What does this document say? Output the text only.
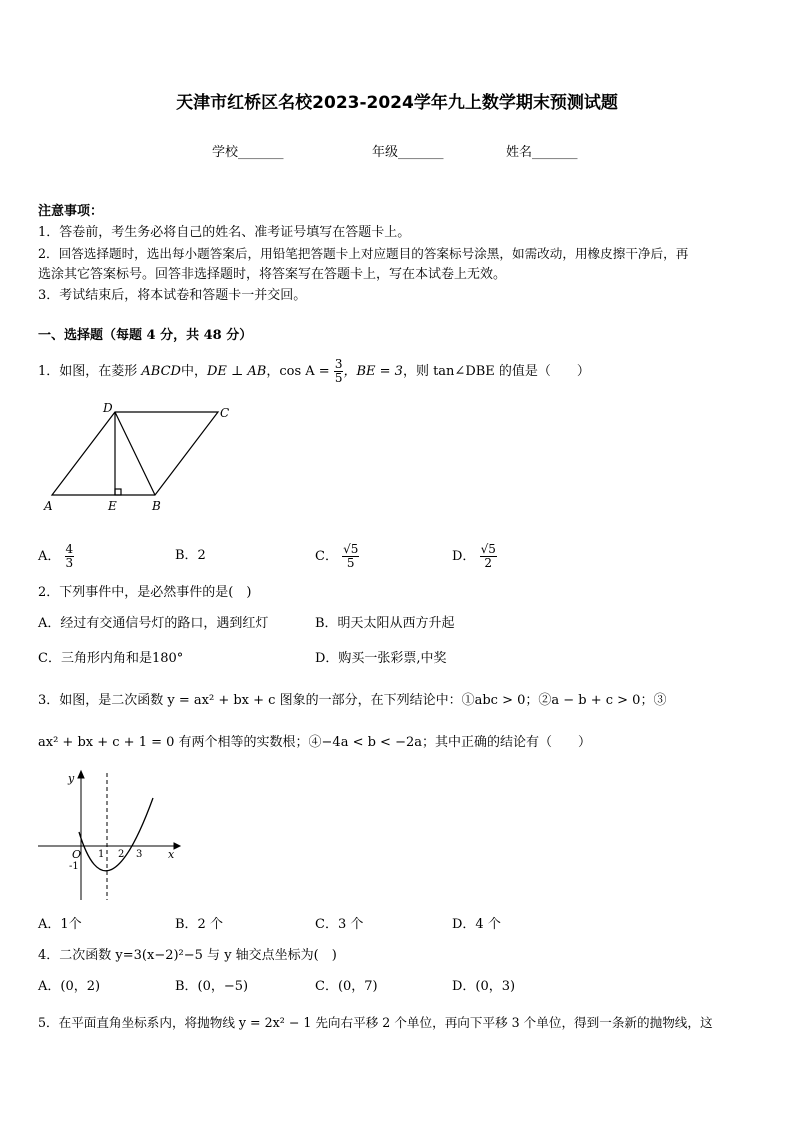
天津市红桥区名校2023-2024学年九上数学期末预测试题
学校_______	年级_______	姓名_______
注意事项：
1．答卷前，考生务必将自己的姓名、准考证号填写在答题卡上。
2．回答选择题时，选出每小题答案后，用铅笔把答题卡上对应题目的答案标号涂黑，如需改动，用橡皮擦干净后，再
选涂其它答案标号。回答非选择题时，将答案写在答题卡上，写在本试卷上无效。
3．考试结束后，将本试卷和答题卡一并交回。
一、选择题（每题 4 分，共 48 分）
1．如图，在菱形 ABCD中，DE ⊥ AB，$\cos A = \frac{3}{5}$ ，BE = 3，则 tan∠DBE 的值是（　　）
A	E	B
C
D
A． $\frac{4}{3}$	B．2	C． $\frac{√5}{5}$	D． $\frac{√5}{2}$
2．下列事件中，是必然事件的是(　)
A．经过有交通信号灯的路口，遇到红灯	B．明天太阳从西方升起
C．三角形内角和是180°	D．购买一张彩票,中奖
3．如图，是二次函数 y = ax² + bx + c 图象的一部分，在下列结论中：①abc > 0；②a − b + c > 0；③
ax² + bx + c + 1 = 0 有两个相等的实数根；④−4a < b < −2a；其中正确的结论有（　　）
y
x
O
-1
1 2 3
A．1个	B．2 个	C．3 个	D．4 个
4．二次函数 y=3(x−2)²−5 与 y 轴交点坐标为(　)
A．(0，2)	B．(0，−5)	C．(0，7)	D．(0，3)
5．在平面直角坐标系内，将抛物线 y = 2x² − 1 先向右平移 2 个单位，再向下平移 3 个单位，得到一条新的抛物线，这
